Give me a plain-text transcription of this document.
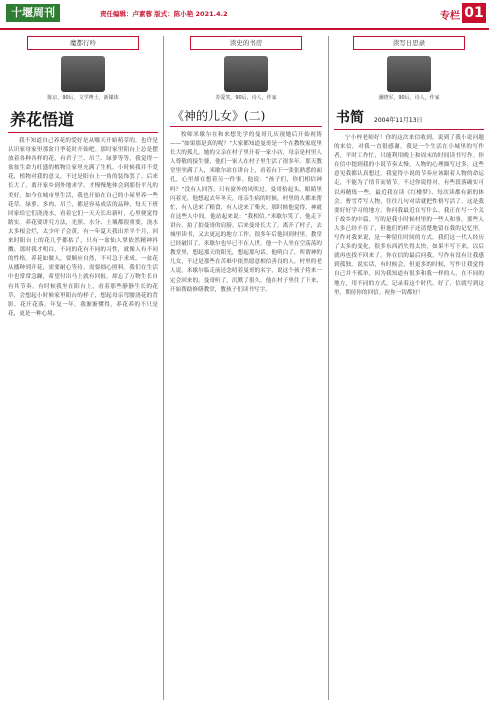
十堰周刊	责任编辑：卢素蓉 版式：陈小艳 2021.4.2	专栏 01
魔都行吟
陈京，90后，文学博士，新媒体
养花悟道
我不知道自己养花的爱好是从哪天开始萌芽的，也许是认识家母家里那盆月季花时开始吧。那时家里阳台上总是摆放着各种各样的花，有君子兰、吊兰、绿萝等等，我觉得一盆盆生命力旺盛的植物让家里充满了生机。小时候我并不爱花，植物对我的意义，不过是阳台上一角的装饰罢了。后来长大了，离开家乡到外地求学，才慢慢地体会到那份平凡的美好。如今在城市里生活，我也开始在自己的小屋里养一些花草。绿萝、多肉、吊兰，都是容易成活的品种，每天下班回家给它们浇浇水，看着它们一天天长出新叶，心里便觉得踏实。养花要讲究方法，光照、水分、土壤都很重要，浇水太多根会烂，太少叶子会黄。有一年夏天我出差半个月，回来时阳台上的花几乎都枯了，只有一盆仙人掌依然精神抖擞。那时我才明白，不同的花有不同的习性，就像人有不同的性格。养花如做人，要顺应自然，不可急于求成。一盆花从播种到开花，需要耐心等待，需要细心照料。我们在生活中也常常急躁，希望付出马上就有回报，却忘了万物生长自有其节奏。有时候我坐在阳台上，看着那些静静生长的花草，会想起小时候家里阳台的样子，想起母亲弯腰浇花的背影。花开花落，年复一年，我渐渐懂得，养花养的不只是花，更是一种心境。
读史的书房
苏爱笑，90后，诗人，作家
《神的儿女》(二)
牧师米歇尔在和来想先学的曼哥儿庆视她后开始祝祷——“如果那是真的呢？”大家都知道曼哥是一个在教牧家庭里长大的孤儿。她的父亲在村子里开着一家小店，母亲是村里人人尊敬的接生婆，他们一家人在村子里生活了很多年。那天教堂里坐满了人，米歇尔站在讲台上，看着台下一张张熟悉的面孔，心里却在想着另一件事。他说：“孩子们，你们相信神吗？”没有人回答，只有窗外的风吹过。曼哥抬起头，眼睛里闪着光。他想起去年冬天，母亲生病的时候，村里的人都来帮忙，有人送来了粮食，有人送来了柴火。那时候他觉得，神就在这些人中间。他站起来说：“我相信。”米歇尔笑了，他走下讲台，拍了拍曼哥的肩膀。后来曼哥长大了，离开了村子，去城里读书，又去更远的地方工作。很多年后他回到村里，教堂已经破旧了，米歇尔也早已不在人世。他一个人坐在空荡荡的教堂里，想起那天的阳光，想起那句话。他明白了，所谓神的儿女，不过是那些在苦难中依然愿意相信善良的人。村里的老人说，米歇尔临走前还念叨着曼哥的名字，说这个孩子将来一定会回来的。曼哥听了，沉默了很久。他在村子里住了下来，开始帮助修缮教堂，教孩子们读书写字。
读写日思录
潘晓军，90后，诗人，作家
书简 2004年11月13日
宁小梓老师好！你的这次来信收到，说到了我小说问题的来信，对我一直很感谢。我是一个生活在小城里的写作者，平时工作忙，只能利用晚上和周末的时间读书写作。你在信中提到我的小说节奏太慢，人物的心理描写过多，这些意见我都认真想过。我觉得小说的节奏应该跟着人物的命运走，不能为了情节而情节。不过你说得对，有些段落确实可以再精炼一些。最近我在读《红楼梦》，每次读都有新的体会。曹雪芹写人物，往往几句对话就把性格写活了，这是我要好好学习的地方。你问我最近在写什么，我正在写一个关于故乡的中篇，写的是我小时候村里的一些人和事。那些人大多已经不在了，但他们的样子还清楚地留在我的记忆里。写作对我来说，是一种留住时间的方式。我们这一代人经历了太多的变化，很多东西消失得太快，如果不写下来，以后就再也找不回来了。你在信的最后问我，写作有没有让我感到孤独。说实话，有时候会，但更多的时候，写作让我觉得自己并不孤单，因为我知道有很多和我一样的人，在不同的地方，用不同的方式，记录着这个时代。好了，信就写到这里，期待你的回信。祝你一切都好！
